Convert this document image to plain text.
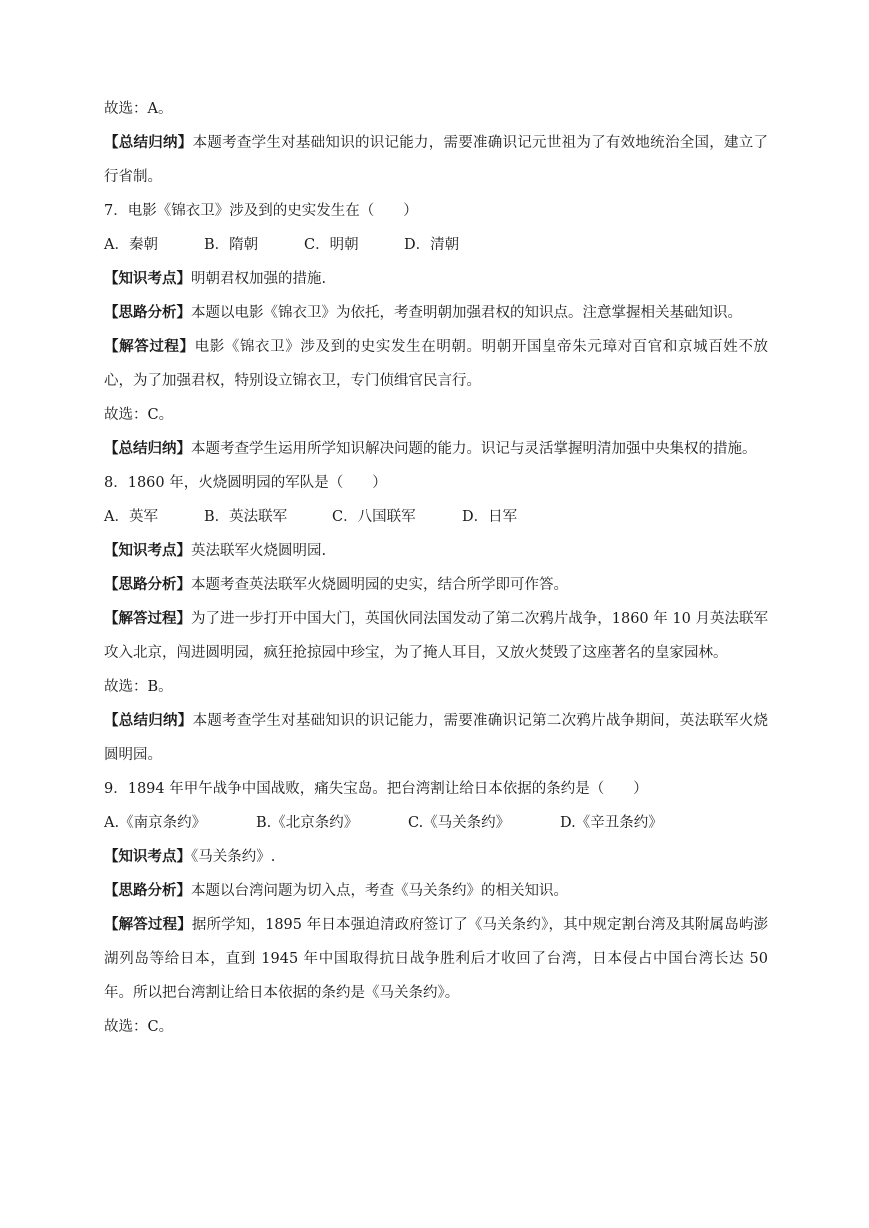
故选：A。
【总结归纳】本题考查学生对基础知识的识记能力，需要准确识记元世祖为了有效地统治全国，建立了行省制。
7．电影《锦衣卫》涉及到的史实发生在（　　）
A．秦朝	B．隋朝	C．明朝	D．清朝
【知识考点】明朝君权加强的措施.
【思路分析】本题以电影《锦衣卫》为依托，考查明朝加强君权的知识点。注意掌握相关基础知识。
【解答过程】电影《锦衣卫》涉及到的史实发生在明朝。明朝开国皇帝朱元璋对百官和京城百姓不放心，为了加强君权，特别设立锦衣卫，专门侦缉官民言行。
故选：C。
【总结归纳】本题考查学生运用所学知识解决问题的能力。识记与灵活掌握明清加强中央集权的措施。
8．1860 年，火烧圆明园的军队是（　　）
A．英军	B．英法联军	C．八国联军	D．日军
【知识考点】英法联军火烧圆明园.
【思路分析】本题考查英法联军火烧圆明园的史实，结合所学即可作答。
【解答过程】为了进一步打开中国大门，英国伙同法国发动了第二次鸦片战争，1860 年 10 月英法联军攻入北京，闯进圆明园，疯狂抢掠园中珍宝，为了掩人耳目，又放火焚毁了这座著名的皇家园林。
故选：B。
【总结归纳】本题考查学生对基础知识的识记能力，需要准确识记第二次鸦片战争期间，英法联军火烧圆明园。
9．1894 年甲午战争中国战败，痛失宝岛。把台湾割让给日本依据的条约是（　　）
A.《南京条约》	B.《北京条约》	C.《马关条约》	D.《辛丑条约》
【知识考点】《马关条约》.
【思路分析】本题以台湾问题为切入点，考查《马关条约》的相关知识。
【解答过程】据所学知，1895 年日本强迫清政府签订了《马关条约》，其中规定割台湾及其附属岛屿澎湖列岛等给日本，直到 1945 年中国取得抗日战争胜利后才收回了台湾，日本侵占中国台湾长达 50 年。所以把台湾割让给日本依据的条约是《马关条约》。
故选：C。
